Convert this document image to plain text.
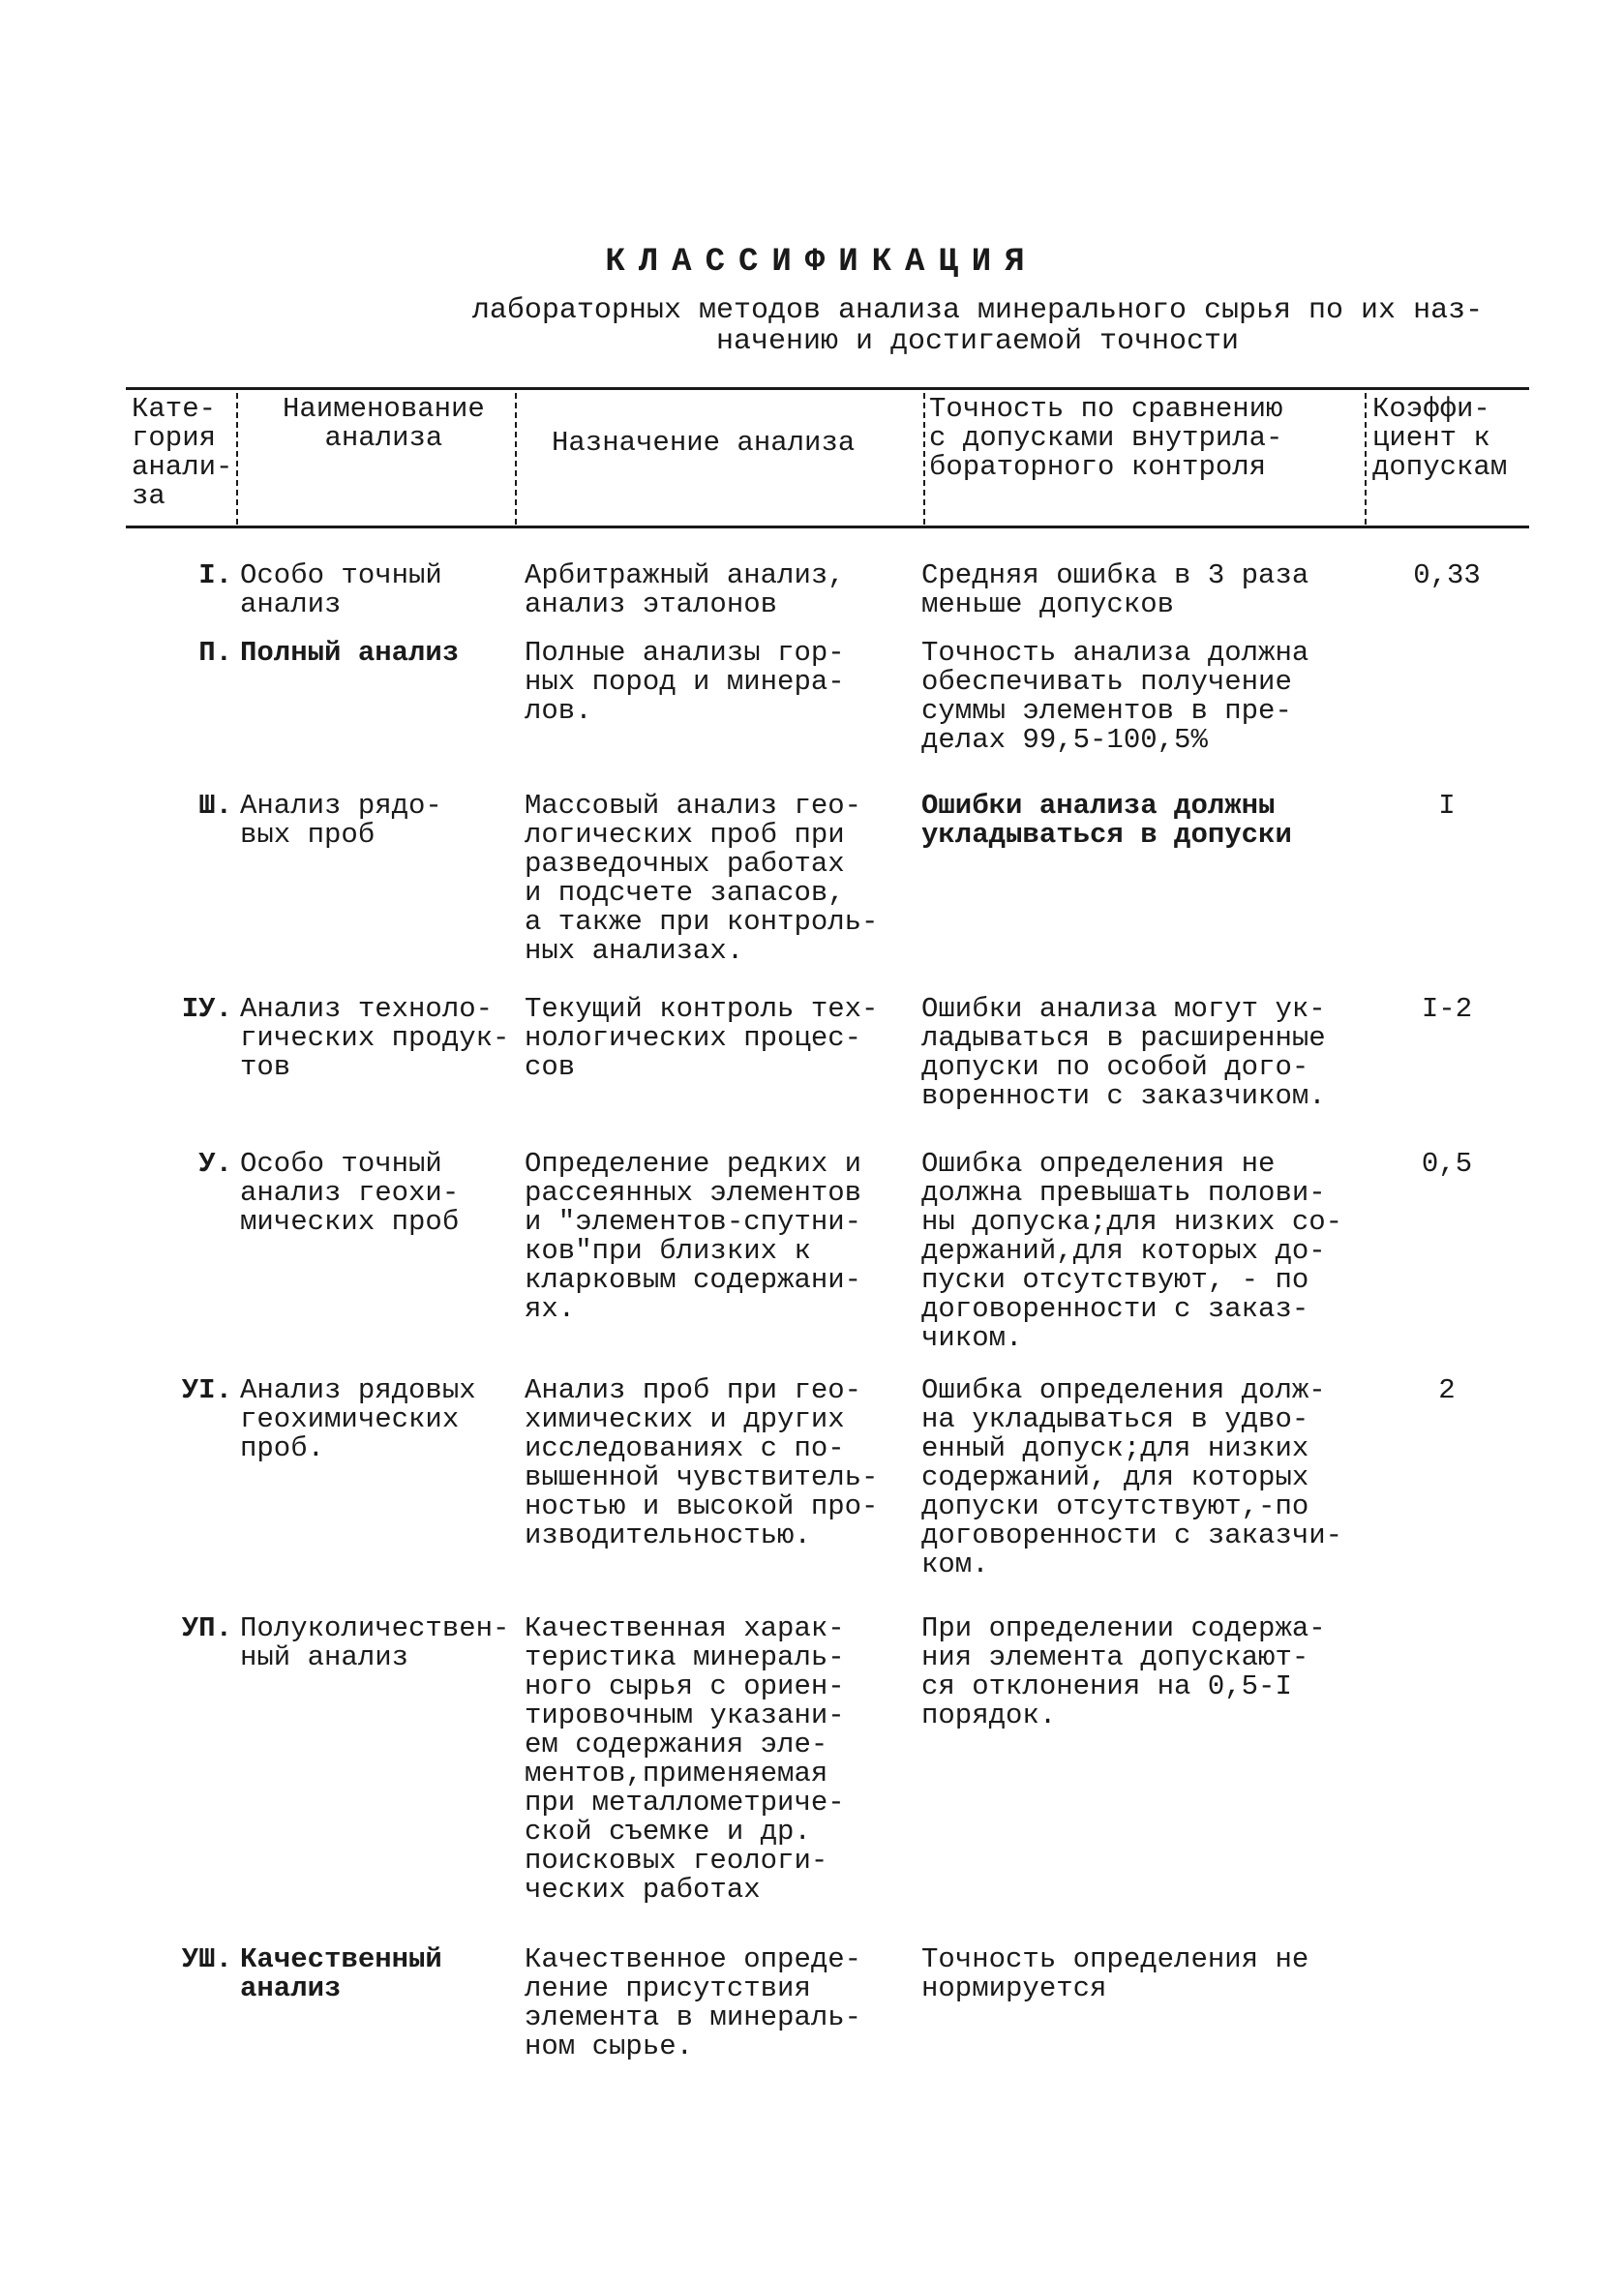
КЛАССИФИКАЦИЯ
лабораторных методов анализа минерального сырья по их наз-
начению и достигаемой точности
Кате-
гория
анали-
за
Наименование
анализа	Назначение анализа
Точность по сравнению
с допусками внутрила-
бораторного контроля
Коэффи-
циент к
допускам
I. Особо точный
анализ
Арбитражный анализ,
анализ эталонов
Средняя ошибка в 3 раза
меньше допусков
0,33
П. Полный анализ	Полные анализы гор-
ных пород и минера-
лов.
Точность анализа должна
обеспечивать получение
суммы элементов в пре-
делах 99,5-100,5%
Ш. Анализ рядо-
вых проб
Массовый анализ гео-
логических проб при
разведочных работах
и подсчете запасов,
а также при контроль-
ных анализах.
Ошибки анализа должны
укладываться в допуски
I
IУ. Анализ техноло-
гических продук-
тов
Текущий контроль тех-
нологических процес-
сов
Ошибки анализа могут ук-
ладываться в расширенные
допуски по особой дого-
воренности с заказчиком.
I-2
У. Особо точный
анализ геохи-
мических проб
Определение редких и
рассеянных элементов
и "элементов-спутни-
ков"при близких к
кларковым содержани-
ях.
Ошибка определения не
должна превышать полови-
ны допуска;для низких со-
держаний,для которых до-
пуски отсутствуют, - по
договоренности с заказ-
чиком.
0,5
УI. Анализ рядовых
геохимических
проб.
Анализ проб при гео-
химических и других
исследованиях с по-
вышенной чувствитель-
ностью и высокой про-
изводительностью.
Ошибка определения долж-
на укладываться в удво-
енный допуск;для низких
содержаний, для которых
допуски отсутствуют,-по
договоренности с заказчи-
ком.
2
УП. Полуколичествен-
ный анализ
Качественная харак-
теристика минераль-
ного сырья с ориен-
тировочным указани-
ем содержания эле-
ментов,применяемая
при металлометриче-
ской съемке и др.
поисковых геологи-
ческих работах
При определении содержа-
ния элемента допускают-
ся отклонения на 0,5-I
порядок.
УШ. Качественный
анализ
Качественное опреде-
ление присутствия
элемента в минераль-
ном сырье.
Точность определения не
нормируется
